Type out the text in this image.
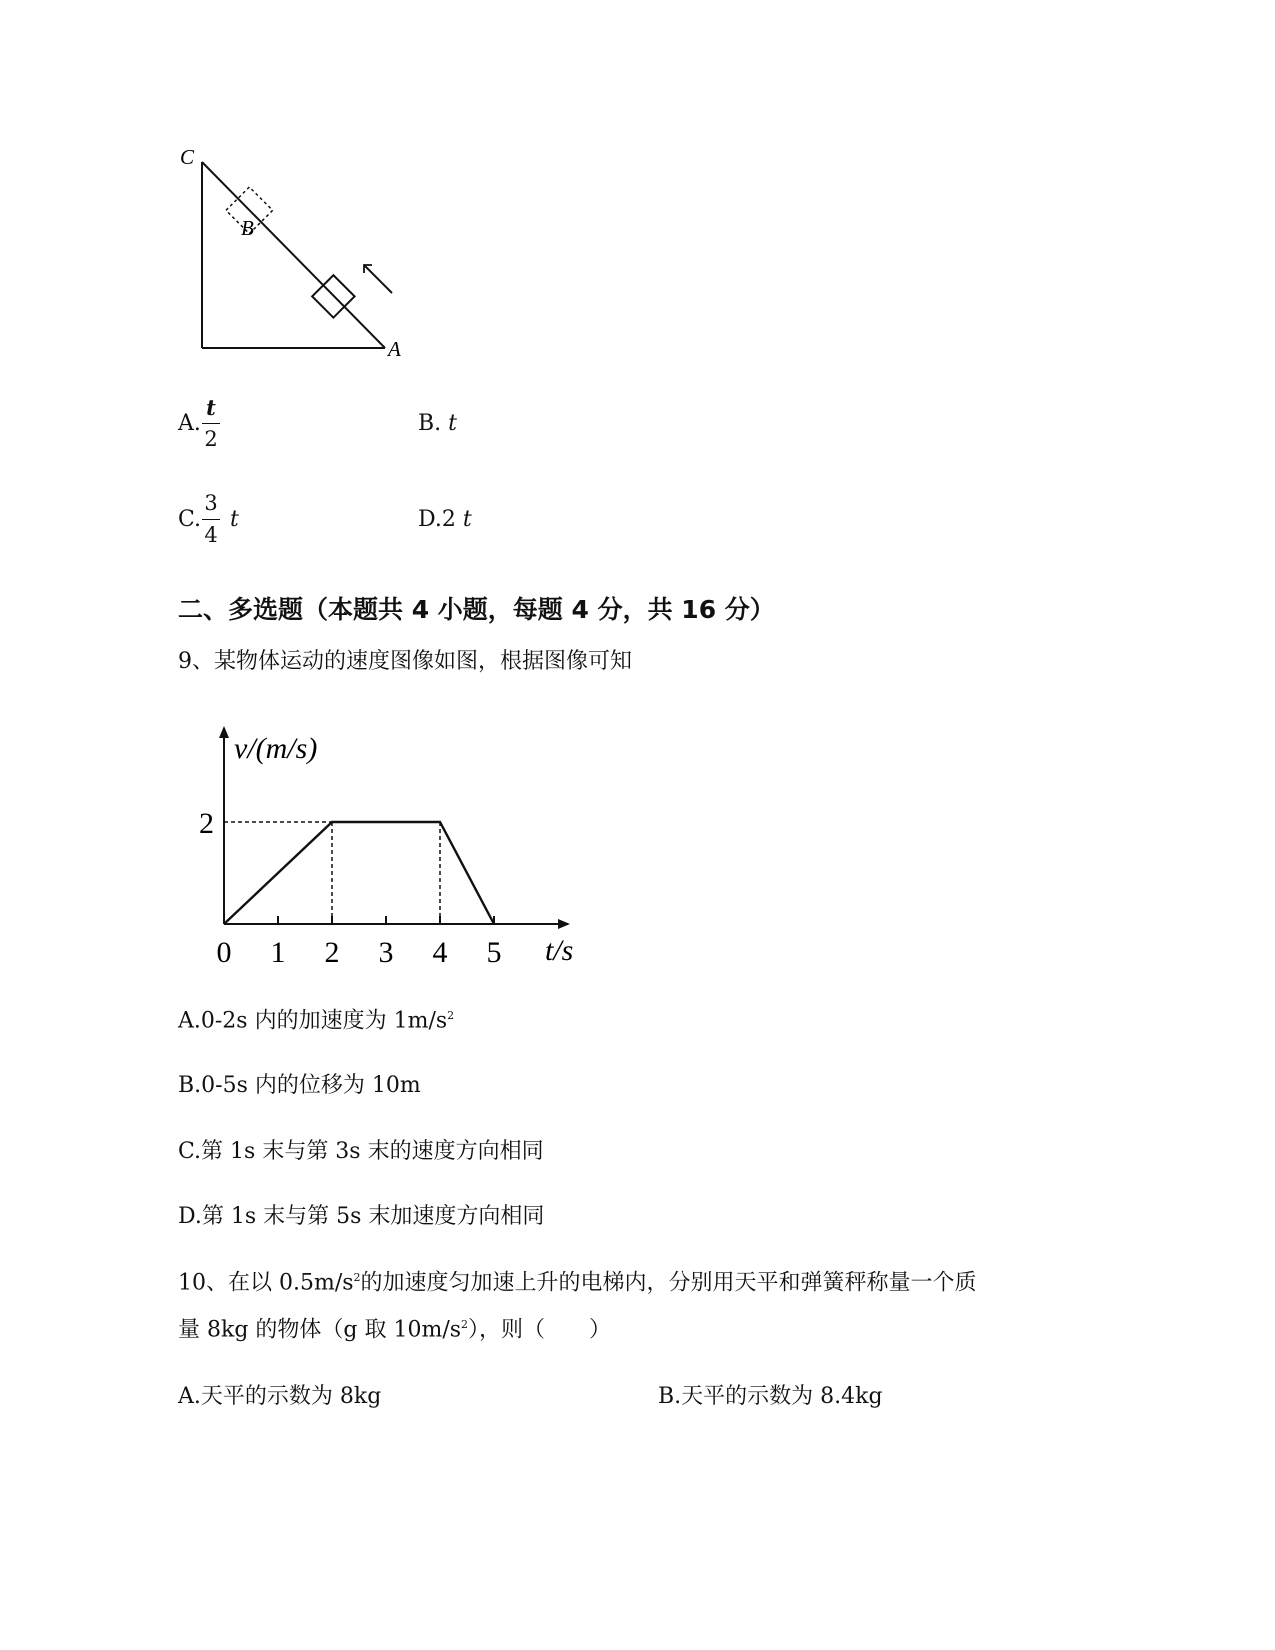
C
B
A
A.
t
2
B. t
C.
3
4
t	D.2 t
二、多选题（本题共 4 小题，每题 4 分，共 16 分）
9、某物体运动的速度图像如图，根据图像可知
v/(m/s)
t/s
0 1 2 3 4 5
2
A.0-2s 内的加速度为 $1m/s^2$
B.0-5s 内的位移为 10m
C.第 1s 末与第 3s 末的速度方向相同
D.第 1s 末与第 5s 末加速度方向相同
10、在以 $0.5m/s^2$的加速度匀加速上升的电梯内，分别用天平和弹簧秤称量一个质
量 8kg 的物体（g 取 $10m/s^2$），则（　　）
A.天平的示数为 8kg	B.天平的示数为 8.4kg
